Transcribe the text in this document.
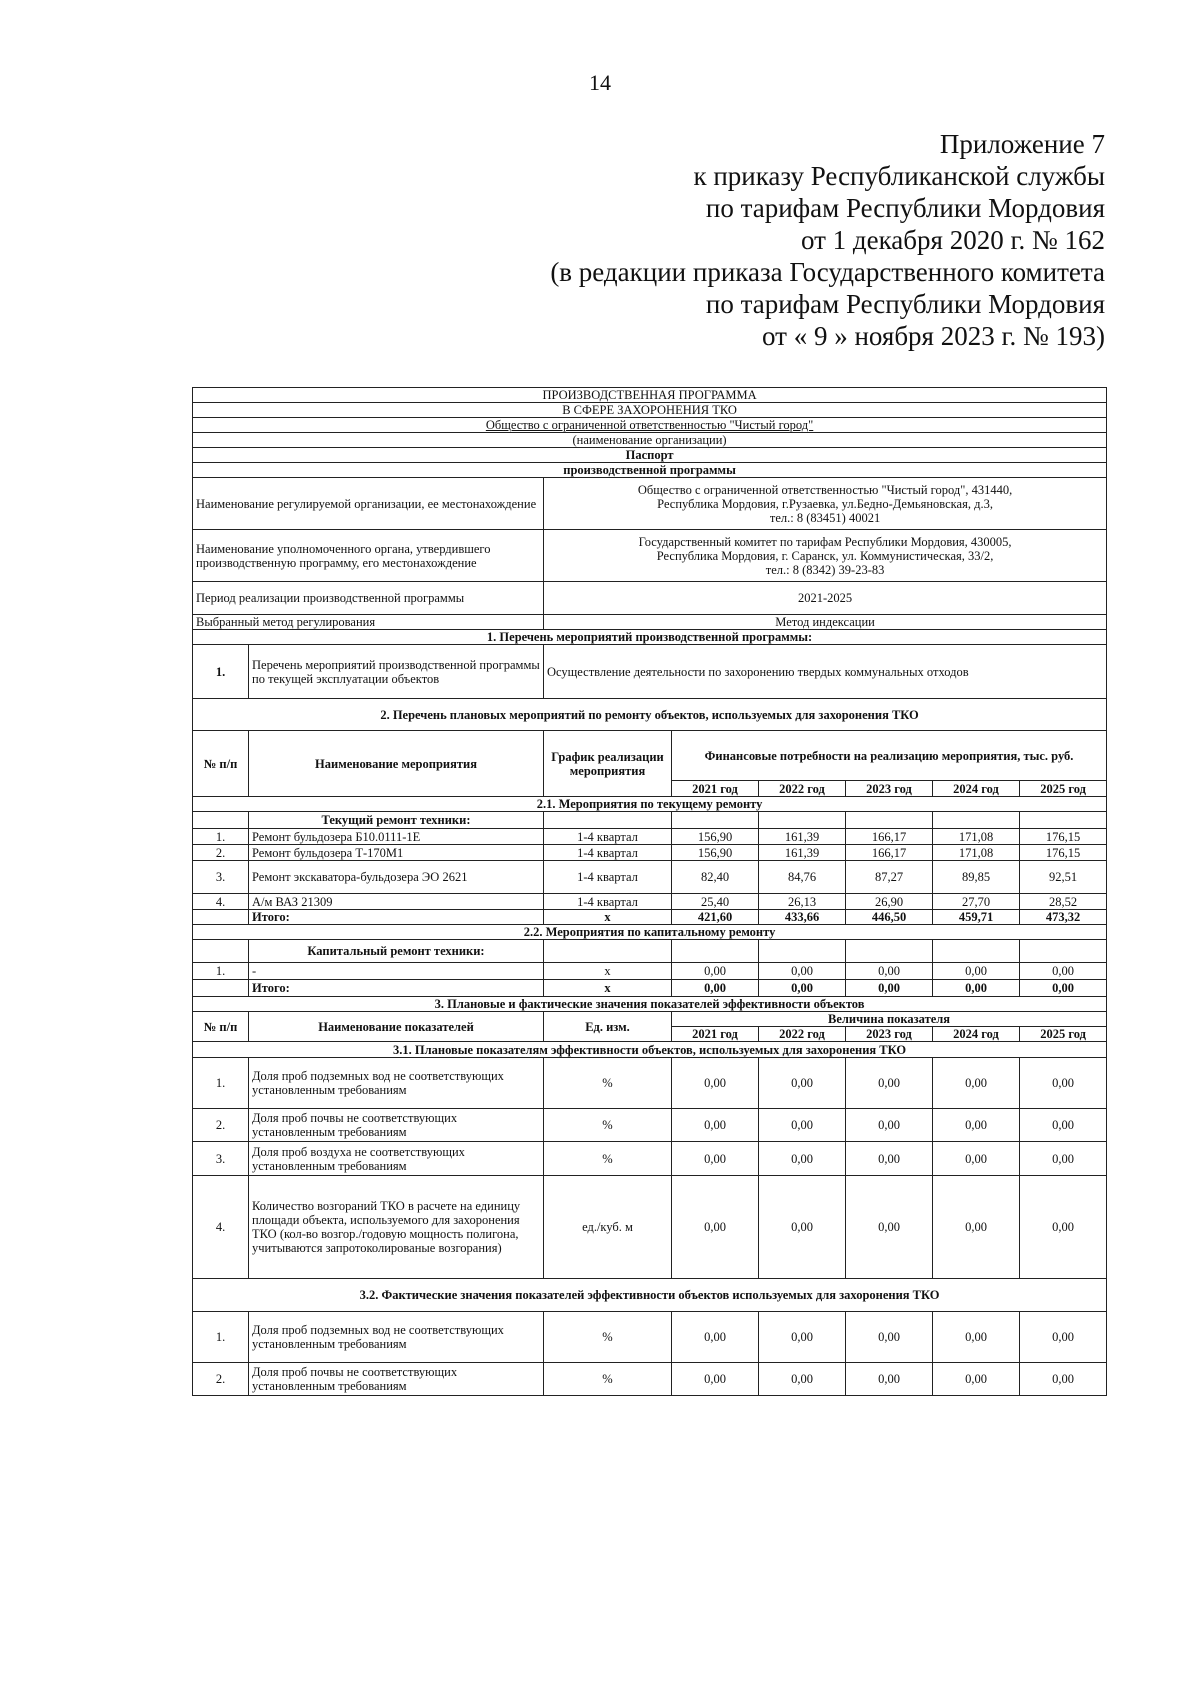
14
Приложение 7
к приказу Республиканской службы
по тарифам Республики Мордовия
от 1 декабря 2020 г. № 162
(в редакции приказа Государственного комитета
по тарифам Республики Мордовия
от « 9 » ноября 2023 г. № 193)
ПРОИЗВОДСТВЕННАЯ ПРОГРАММА							
В СФЕРЕ ЗАХОРОНЕНИЯ ТКО							
Общество с ограниченной ответственностью "Чистый город"							
(наименование организации)							
Паспорт							
производственной программы							
Наименование регулируемой организации, ее местонахождение		Общество с ограниченной ответственностью "Чистый город", 431440,
Республика Мордовия, г.Рузаевка, ул.Бедно-Демьяновская, д.3,
тел.: 8 (83451) 40021					

Наименование уполномоченного органа, утвердившего производственную программу, его местонахождение		Государственный комитет по тарифам Республики Мордовия, 430005,
Республика Мордовия, г. Саранск, ул. Коммунистическая, 33/2,
тел.: 8 (8342) 39-23-83					

Период реализации производственной программы		2021-2025					
Выбранный метод регулирования		Метод индексации					
1. Перечень мероприятий производственной программы:							
1.	Перечень мероприятий производственной программы по текущей эксплуатации объектов	Осуществление деятельности по захоронению твердых коммунальных отходов					
2. Перечень плановых мероприятий по ремонту объектов, используемых для захоронения ТКО							
№ п/п	Наименование мероприятия	График реализации мероприятия	Финансовые потребности на реализацию мероприятия, тыс. руб.				
			2021 год	2022 год	2023 год	2024 год	2025 год
2.1. Мероприятия по текущему ремонту							
	Текущий ремонт техники:						
1.	Ремонт бульдозера Б10.0111-1Е	1-4 квартал	156,90	161,39	166,17	171,08	176,15
2.	Ремонт бульдозера Т-170М1	1-4 квартал	156,90	161,39	166,17	171,08	176,15
3.	Ремонт экскаватора-бульдозера ЭО 2621	1-4 квартал	82,40	84,76	87,27	89,85	92,51
4.	А/м ВАЗ 21309	1-4 квартал	25,40	26,13	26,90	27,70	28,52
	Итого:	x	421,60	433,66	446,50	459,71	473,32
2.2. Мероприятия по капитальному ремонту							
	Капитальный ремонт техники:						
1.	-	x	0,00	0,00	0,00	0,00	0,00
	Итого:	x	0,00	0,00	0,00	0,00	0,00
3. Плановые и фактические значения показателей эффективности объектов							
№ п/п	Наименование показателей	Ед. изм.	Величина показателя				
			2021 год	2022 год	2023 год	2024 год	2025 год
3.1. Плановые показателям эффективности объектов, используемых для захоронения ТКО							
1.	Доля проб подземных вод не соответствующих установленным требованиям	%	0,00	0,00	0,00	0,00	0,00
2.	Доля проб почвы не соответствующих установленным требованиям	%	0,00	0,00	0,00	0,00	0,00
3.	Доля проб воздуха не соответствующих установленным требованиям	%	0,00	0,00	0,00	0,00	0,00
4.	Количество возгораний ТКО в расчете на единицу площади объекта, используемого для захоронения ТКО (кол-во возгор./годовую мощность полигона, учитываются запротоколированые возгорания)	ед./куб. м	0,00	0,00	0,00	0,00	0,00
3.2. Фактические значения показателей эффективности объектов используемых для захоронения ТКО							
1.	Доля проб подземных вод не соответствующих установленным требованиям	%	0,00	0,00	0,00	0,00	0,00
2.	Доля проб почвы не соответствующих установленным требованиям	%	0,00	0,00	0,00	0,00	0,00
